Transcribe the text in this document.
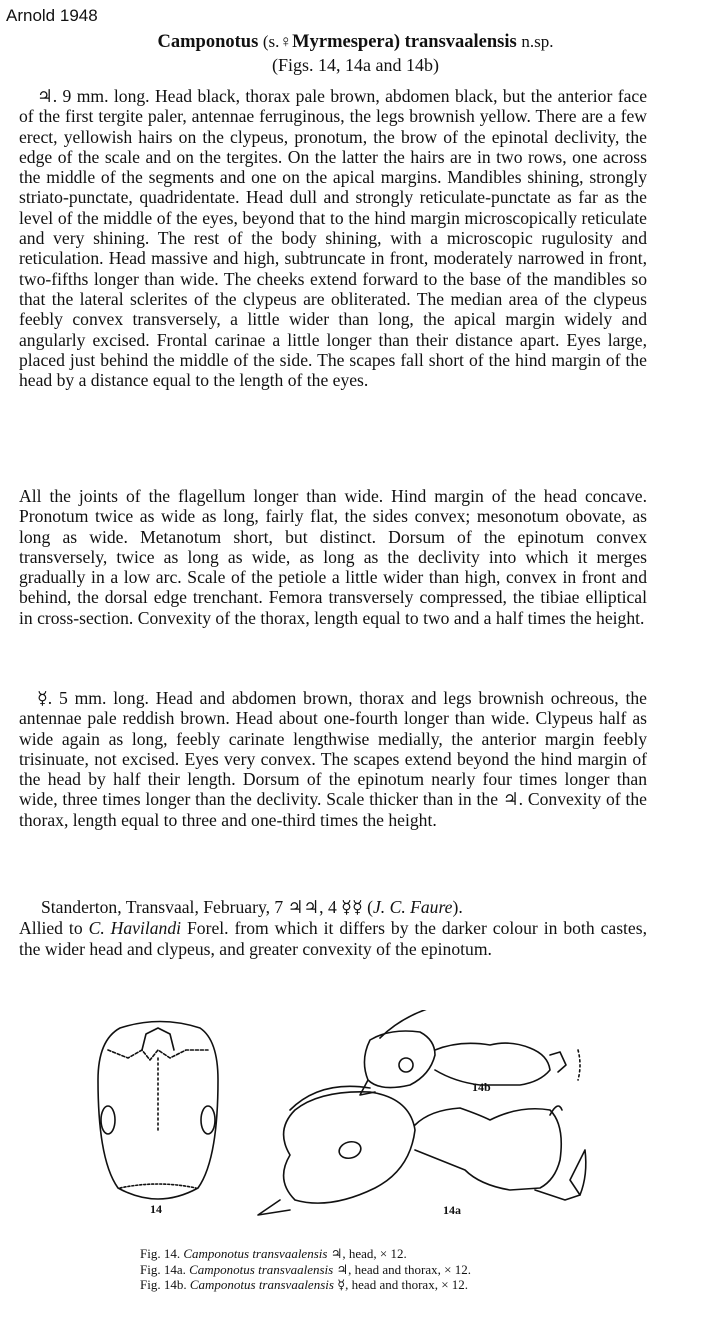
Arnold 1948
Camponotus (s.♀Myrmespera) transvaalensis n.sp.
(Figs. 14, 14a and 14b)
♃. 9 mm. long. Head black, thorax pale brown, abdomen black, but the anterior face of the first tergite paler, antennae ferruginous, the legs brownish yellow. There are a few erect, yellowish hairs on the clypeus, pronotum, the brow of the epinotal declivity, the edge of the scale and on the tergites. On the latter the hairs are in two rows, one across the middle of the segments and one on the apical margins. Mandibles shining, strongly striato-punctate, quadridentate. Head dull and strongly reticulate-punctate as far as the level of the middle of the eyes, beyond that to the hind margin microscopically reticulate and very shining. The rest of the body shining, with a microscopic rugulosity and reticulation. Head massive and high, subtruncate in front, moderately narrowed in front, two-fifths longer than wide. The cheeks extend forward to the base of the mandibles so that the lateral sclerites of the clypeus are obliterated. The median area of the clypeus feebly convex transversely, a little wider than long, the apical margin widely and angularly excised. Frontal carinae a little longer than their distance apart. Eyes large, placed just behind the middle of the side. The scapes fall short of the hind margin of the head by a distance equal to the length of the eyes.
All the joints of the flagellum longer than wide. Hind margin of the head concave. Pronotum twice as wide as long, fairly flat, the sides convex; mesonotum obovate, as long as wide. Metanotum short, but distinct. Dorsum of the epinotum convex transversely, twice as long as wide, as long as the declivity into which it merges gradually in a low arc. Scale of the petiole a little wider than high, convex in front and behind, the dorsal edge trenchant. Femora transversely compressed, the tibiae elliptical in cross-section. Convexity of the thorax, length equal to two and a half times the height.
☿. 5 mm. long. Head and abdomen brown, thorax and legs brownish ochreous, the antennae pale reddish brown. Head about one-fourth longer than wide. Clypeus half as wide again as long, feebly carinate lengthwise medially, the anterior margin feebly trisinuate, not excised. Eyes very convex. The scapes extend beyond the hind margin of the head by half their length. Dorsum of the epinotum nearly four times longer than wide, three times longer than the declivity. Scale thicker than in the ♃. Convexity of the thorax, length equal to three and one-third times the height.
Standerton, Transvaal, February, 7 ♃♃, 4 ☿☿ (J. C. Faure).
Allied to C. Havilandi Forel. from which it differs by the darker colour in both castes, the wider head and clypeus, and greater convexity of the epinotum.
14	14a
14b
Fig. 14. Camponotus transvaalensis ♃, head, × 12.
Fig. 14a. Camponotus transvaalensis ♃, head and thorax, × 12.
Fig. 14b. Camponotus transvaalensis ☿, head and thorax, × 12.
